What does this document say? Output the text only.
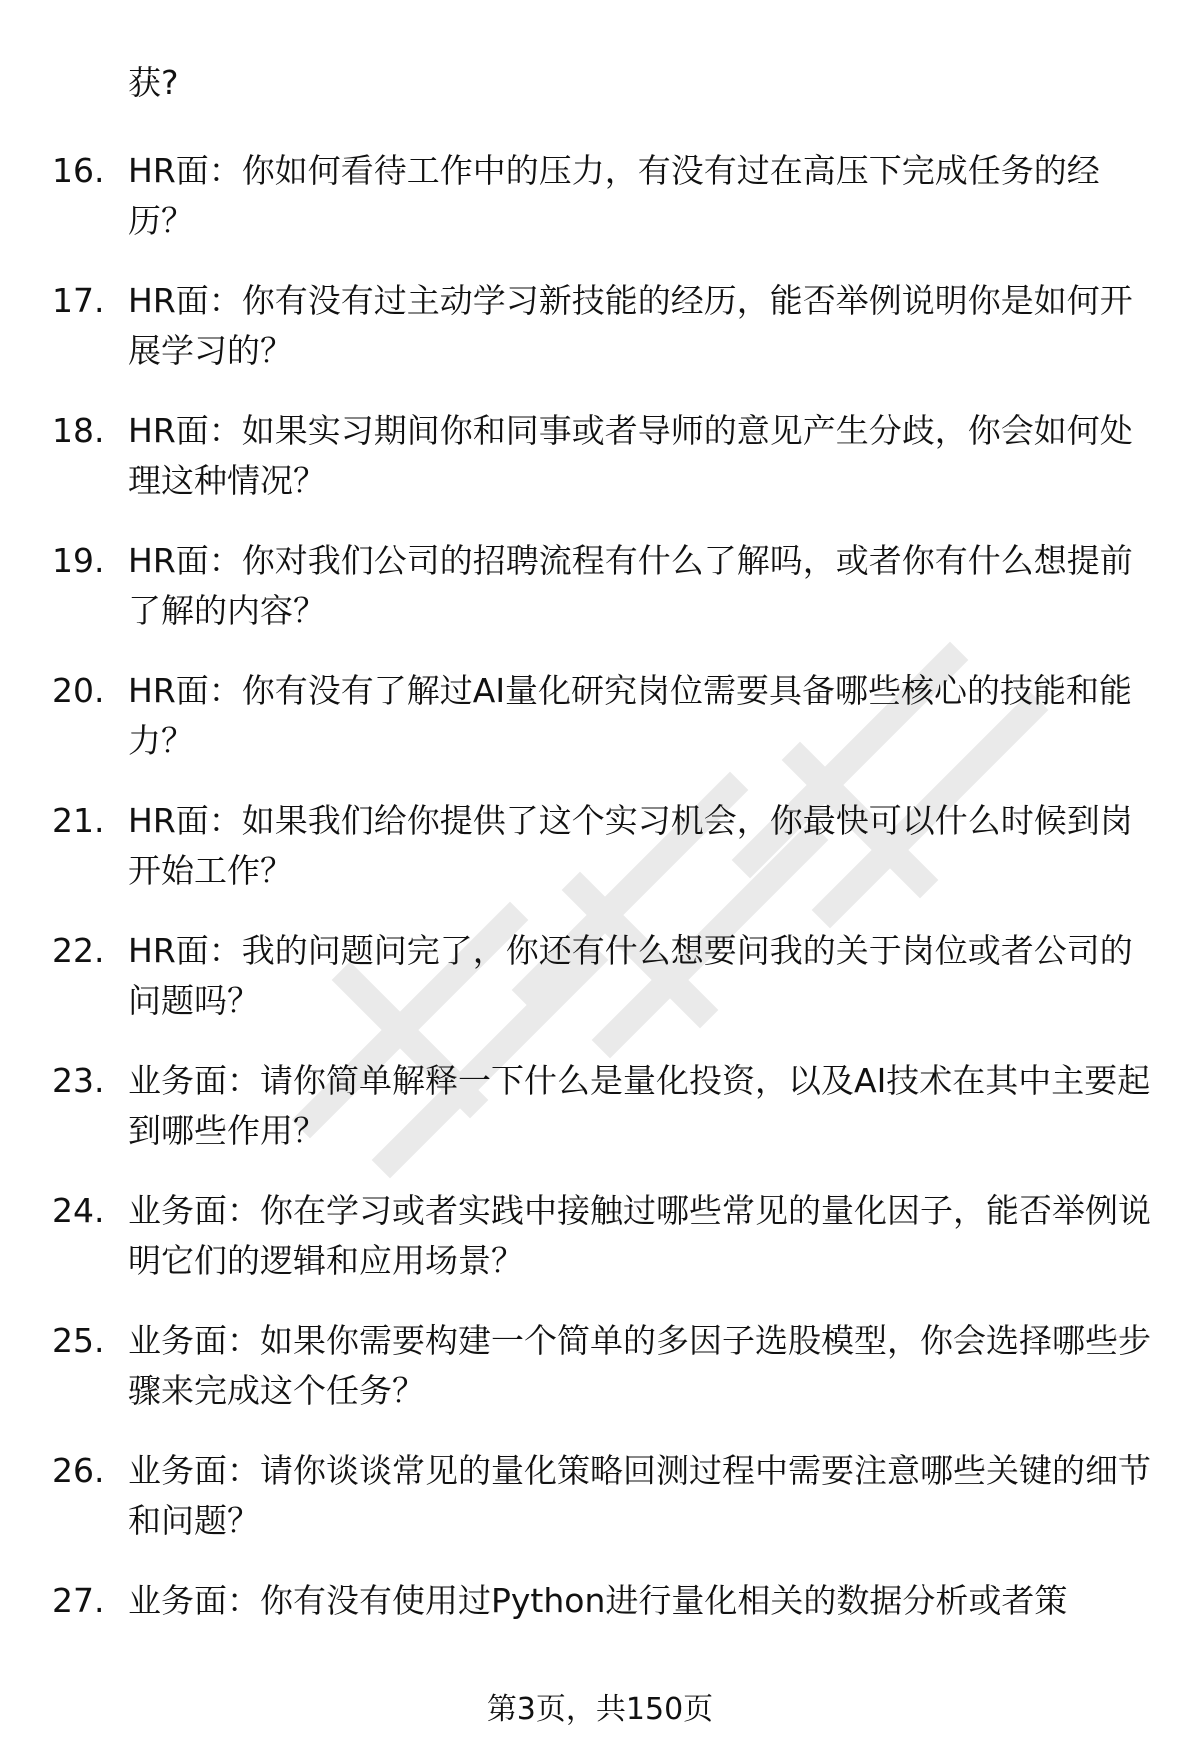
获?
16. HR面：你如何看待工作中的压力，有没有过在高压下完成任务的经历？
17. HR面：你有没有过主动学习新技能的经历，能否举例说明你是如何开展学习的？
18. HR面：如果实习期间你和同事或者导师的意见产生分歧，你会如何处理这种情况？
19. HR面：你对我们公司的招聘流程有什么了解吗，或者你有什么想提前了解的内容？
20. HR面：你有没有了解过AI量化研究岗位需要具备哪些核心的技能和能力？
21. HR面：如果我们给你提供了这个实习机会，你最快可以什么时候到岗开始工作？
22. HR面：我的问题问完了，你还有什么想要问我的关于岗位或者公司的问题吗？
23. 业务面：请你简单解释一下什么是量化投资，以及AI技术在其中主要起到哪些作用？
24. 业务面：你在学习或者实践中接触过哪些常见的量化因子，能否举例说明它们的逻辑和应用场景？
25. 业务面：如果你需要构建一个简单的多因子选股模型，你会选择哪些步骤来完成这个任务？
26. 业务面：请你谈谈常见的量化策略回测过程中需要注意哪些关键的细节和问题？
27. 业务面：你有没有使用过Python进行量化相关的数据分析或者策
第3页，共150页
